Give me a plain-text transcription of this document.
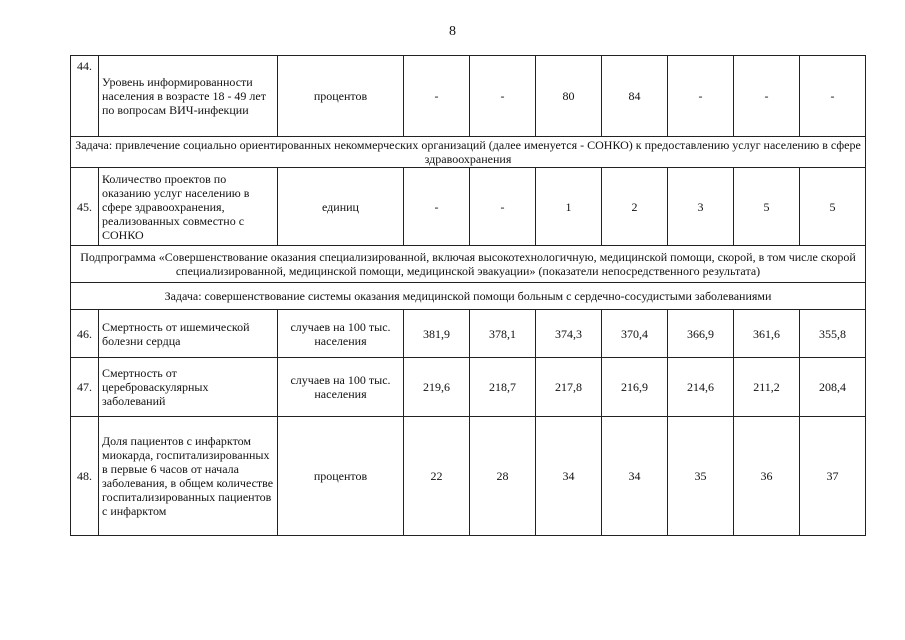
8
44.	Уровень информированности населения в возрасте 18 - 49 лет по вопросам ВИЧ-инфекции	процентов	-	-	80	84	-	-	-
Задача: привлечение социально ориентированных некоммерческих организаций (далее именуется - СОНКО) к предоставлению услуг населению в сфере здравоохранения									
45.	Количество проектов по оказанию услуг населению в сфере здравоохранения, реализованных совместно с СОНКО	единиц	-	-	1	2	3	5	5
Подпрограмма «Совершенствование оказания специализированной, включая высокотехнологичную, медицинской помощи, скорой, в том числе скорой специализированной, медицинской помощи, медицинской эвакуации» (показатели непосредственного результата)									
Задача: совершенствование системы оказания медицинской помощи больным с сердечно-сосудистыми заболеваниями									
46.	Смертность от ишемической болезни сердца	случаев на 100 тыс. населения	381,9	378,1	374,3	370,4	366,9	361,6	355,8
47.	Смертность от цереброваскулярных заболеваний	случаев на 100 тыс. населения	219,6	218,7	217,8	216,9	214,6	211,2	208,4
48.	Доля пациентов с инфарктом миокарда, госпитализированных в первые 6 часов от начала заболевания, в общем количестве госпитализированных пациентов с инфарктом	процентов	22	28	34	34	35	36	37
